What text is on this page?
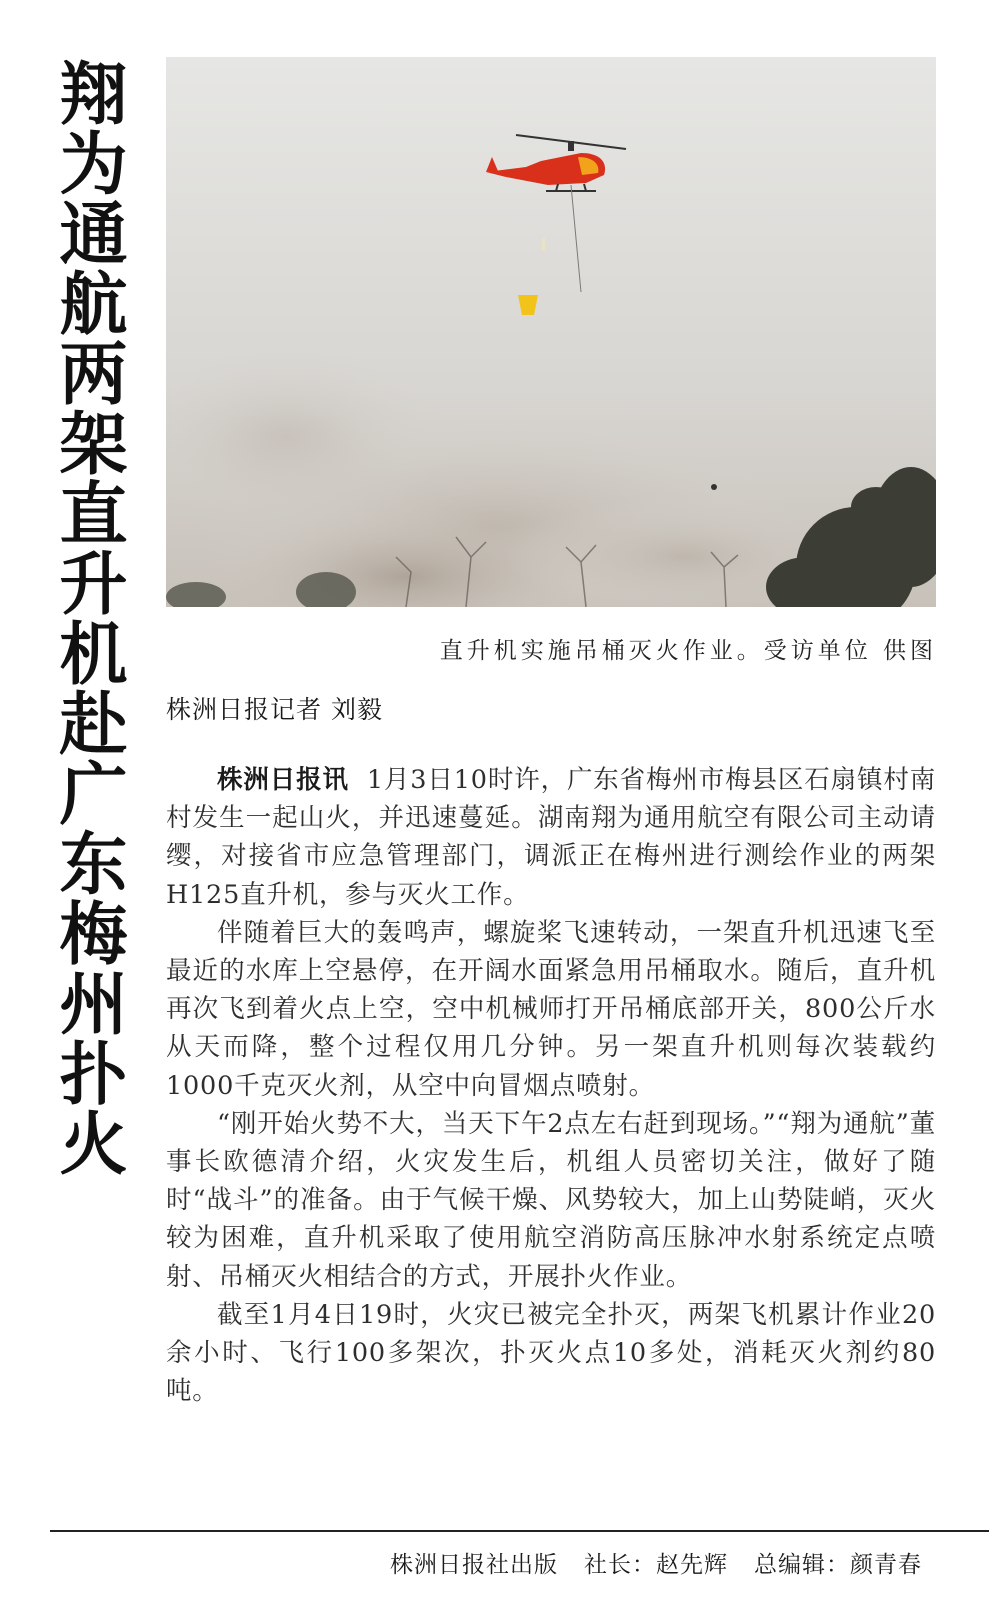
翔为通航两架直升机赴广东梅州扑火	直升机实施吊桶灭火作业。受访单位 供图
株洲日报记者 刘毅

株洲日报讯 1月3日10时许，广东省梅州市梅县区石扇镇村南村发生一起山火，并迅速蔓延。湖南翔为通用航空有限公司主动请缨，对接省市应急管理部门，调派正在梅州进行测绘作业的两架H125直升机，参与灭火工作。

伴随着巨大的轰鸣声，螺旋桨飞速转动，一架直升机迅速飞至最近的水库上空悬停，在开阔水面紧急用吊桶取水。随后，直升机再次飞到着火点上空，空中机械师打开吊桶底部开关，800公斤水从天而降，整个过程仅用几分钟。另一架直升机则每次装载约1000千克灭火剂，从空中向冒烟点喷射。

“刚开始火势不大，当天下午2点左右赶到现场。”“翔为通航”董事长欧德清介绍，火灾发生后，机组人员密切关注，做好了随时“战斗”的准备。由于气候干燥、风势较大，加上山势陡峭，灭火较为困难，直升机采取了使用航空消防高压脉冲水射系统定点喷射、吊桶灭火相结合的方式，开展扑火作业。

截至1月4日19时，火灾已被完全扑灭，两架飞机累计作业20余小时、飞行100多架次，扑灭火点10多处，消耗灭火剂约80吨。

株洲日报社出版 社长：赵先辉 总编辑：颜青春
